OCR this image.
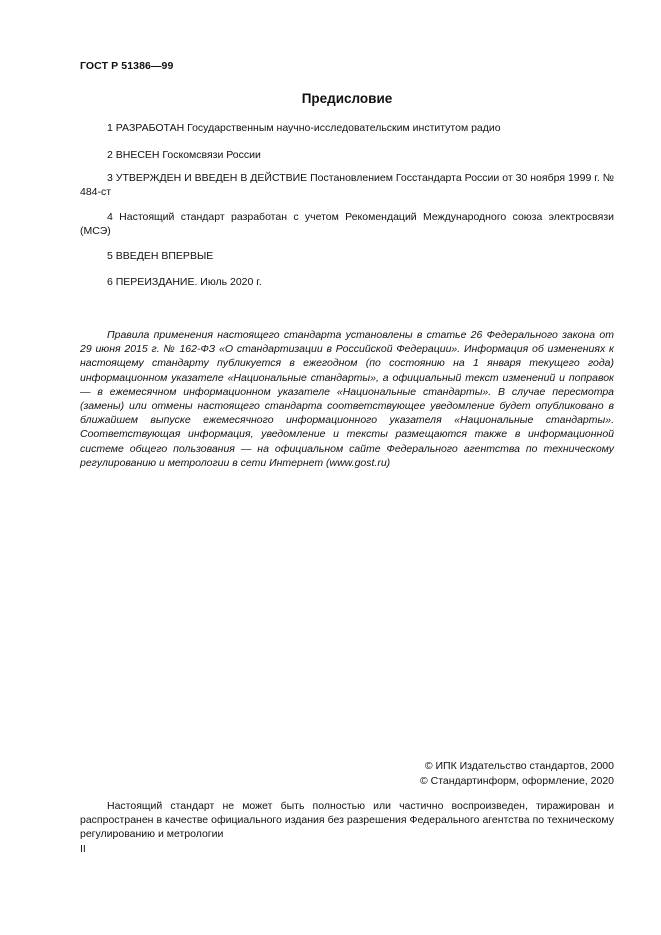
ГОСТ Р 51386—99
Предисловие
1 РАЗРАБОТАН Государственным научно-исследовательским институтом радио
2 ВНЕСЕН Госкомсвязи России
3 УТВЕРЖДЕН И ВВЕДЕН В ДЕЙСТВИЕ Постановлением Госстандарта России от 30 ноября 1999 г. № 484-ст
4 Настоящий стандарт разработан с учетом Рекомендаций Международного союза электросвязи (МСЭ)
5 ВВЕДЕН ВПЕРВЫЕ
6 ПЕРЕИЗДАНИЕ. Июль 2020 г.
Правила применения настоящего стандарта установлены в статье 26 Федерального закона от 29 июня 2015 г. № 162-ФЗ «О стандартизации в Российской Федерации». Информация об изменениях к настоящему стандарту публикуется в ежегодном (по состоянию на 1 января текущего года) информационном указателе «Национальные стандарты», а официальный текст изменений и поправок — в ежемесячном информационном указателе «Национальные стандарты». В случае пересмотра (замены) или отмены настоящего стандарта соответствующее уведомление будет опубликовано в ближайшем выпуске ежемесячного информационного указателя «Национальные стандарты». Соответствующая информация, уведомление и тексты размещаются также в информационной системе общего пользования — на официальном сайте Федерального агентства по техническому регулированию и метрологии в сети Интернет (www.gost.ru)
© ИПК Издательство стандартов, 2000
© Стандартинформ, оформление, 2020
Настоящий стандарт не может быть полностью или частично воспроизведен, тиражирован и распространен в качестве официального издания без разрешения Федерального агентства по техническому регулированию и метрологии
II
